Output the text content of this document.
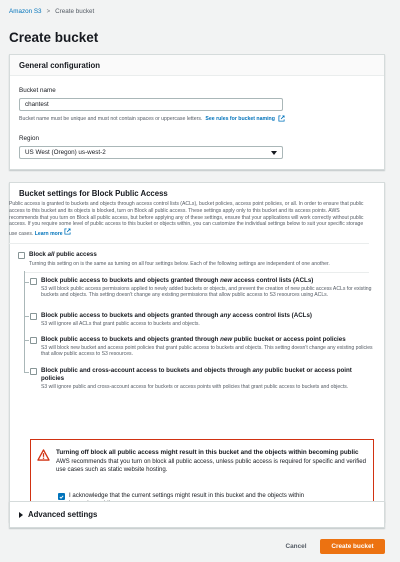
Amazon S3 > Create bucket
Create bucket
General configuration
Bucket name
chantest
Bucket name must be unique and must not contain spaces or uppercase letters. See rules for bucket naming
Region
US West (Oregon) us-west-2
Bucket settings for Block Public Access
Public access is granted to buckets and objects through access control lists (ACLs), bucket policies, access point policies, or all. In order to ensure that public access to this bucket and its objects is blocked, turn on Block all public access. These settings apply only to this bucket and its access points. AWS recommends that you turn on Block all public access, but before applying any of these settings, ensure that your applications will work correctly without public access. If you require some level of public access to this bucket or objects within, you can customize the individual settings below to suit your specific storage use cases. Learn more
Block all public access
Turning this setting on is the same as turning on all four settings below. Each of the following settings are independent of one another.
Block public access to buckets and objects granted through new access control lists (ACLs)
S3 will block public access permissions applied to newly added buckets or objects, and prevent the creation of new public access ACLs for existing buckets and objects. This setting doesn't change any existing permissions that allow public access to S3 resources using ACLs.
Block public access to buckets and objects granted through any access control lists (ACLs)
S3 will ignore all ACLs that grant public access to buckets and objects.
Block public access to buckets and objects granted through new public bucket or access point policies
S3 will block new bucket and access point policies that grant public access to buckets and objects. This setting doesn't change any existing policies that allow public access to S3 resources.
Block public and cross-account access to buckets and objects through any public bucket or access point policies
S3 will ignore public and cross-account access for buckets or access points with policies that grant public access to buckets and objects.
Turning off block all public access might result in this bucket and the objects within becoming public
AWS recommends that you turn on block all public access, unless public access is required for specific and verified use cases such as static website hosting.
I acknowledge that the current settings might result in this bucket and the objects within
Advanced settings
Cancel	Create bucket
